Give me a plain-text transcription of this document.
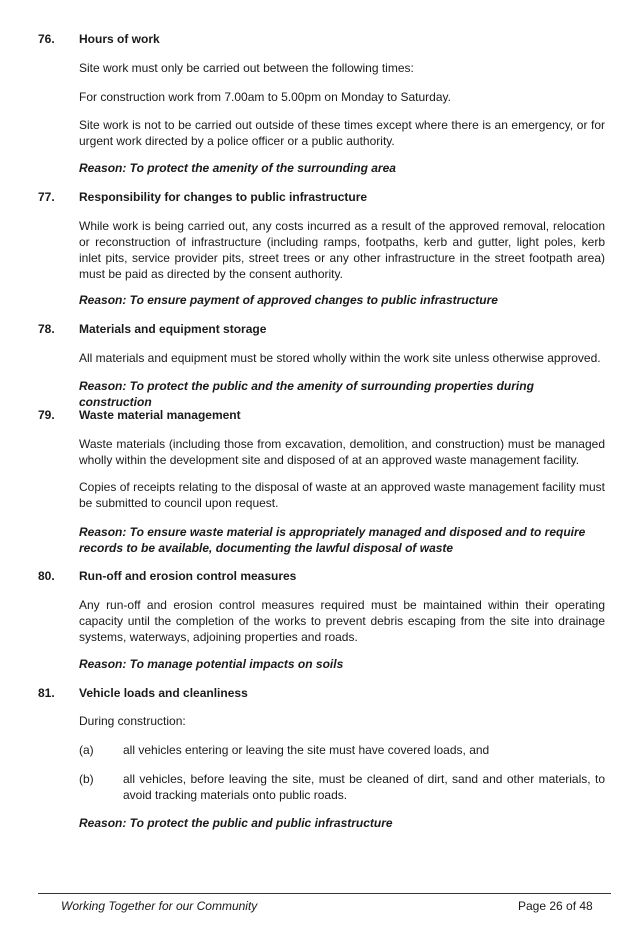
76. Hours of work

Site work must only be carried out between the following times:

For construction work from 7.00am to 5.00pm on Monday to Saturday.

Site work is not to be carried out outside of these times except where there is an emergency, or for urgent work directed by a police officer or a public authority.

Reason: To protect the amenity of the surrounding area

77. Responsibility for changes to public infrastructure

While work is being carried out, any costs incurred as a result of the approved removal, relocation or reconstruction of infrastructure (including ramps, footpaths, kerb and gutter, light poles, kerb inlet pits, service provider pits, street trees or any other infrastructure in the street footpath area) must be paid as directed by the consent authority.

Reason: To ensure payment of approved changes to public infrastructure

78. Materials and equipment storage

All materials and equipment must be stored wholly within the work site unless otherwise approved.

Reason: To protect the public and the amenity of surrounding properties during construction

79. Waste material management

Waste materials (including those from excavation, demolition, and construction) must be managed wholly within the development site and disposed of at an approved waste management facility.

Copies of receipts relating to the disposal of waste at an approved waste management facility must be submitted to council upon request.

Reason: To ensure waste material is appropriately managed and disposed and to require records to be available, documenting the lawful disposal of waste

80. Run-off and erosion control measures

Any run-off and erosion control measures required must be maintained within their operating capacity until the completion of the works to prevent debris escaping from the site into drainage systems, waterways, adjoining properties and roads.

Reason: To manage potential impacts on soils

81. Vehicle loads and cleanliness

During construction:

(a) all vehicles entering or leaving the site must have covered loads, and

(b) all vehicles, before leaving the site, must be cleaned of dirt, sand and other materials, to avoid tracking materials onto public roads.

Reason: To protect the public and public infrastructure

Working Together for our Community	Page 26 of 48
